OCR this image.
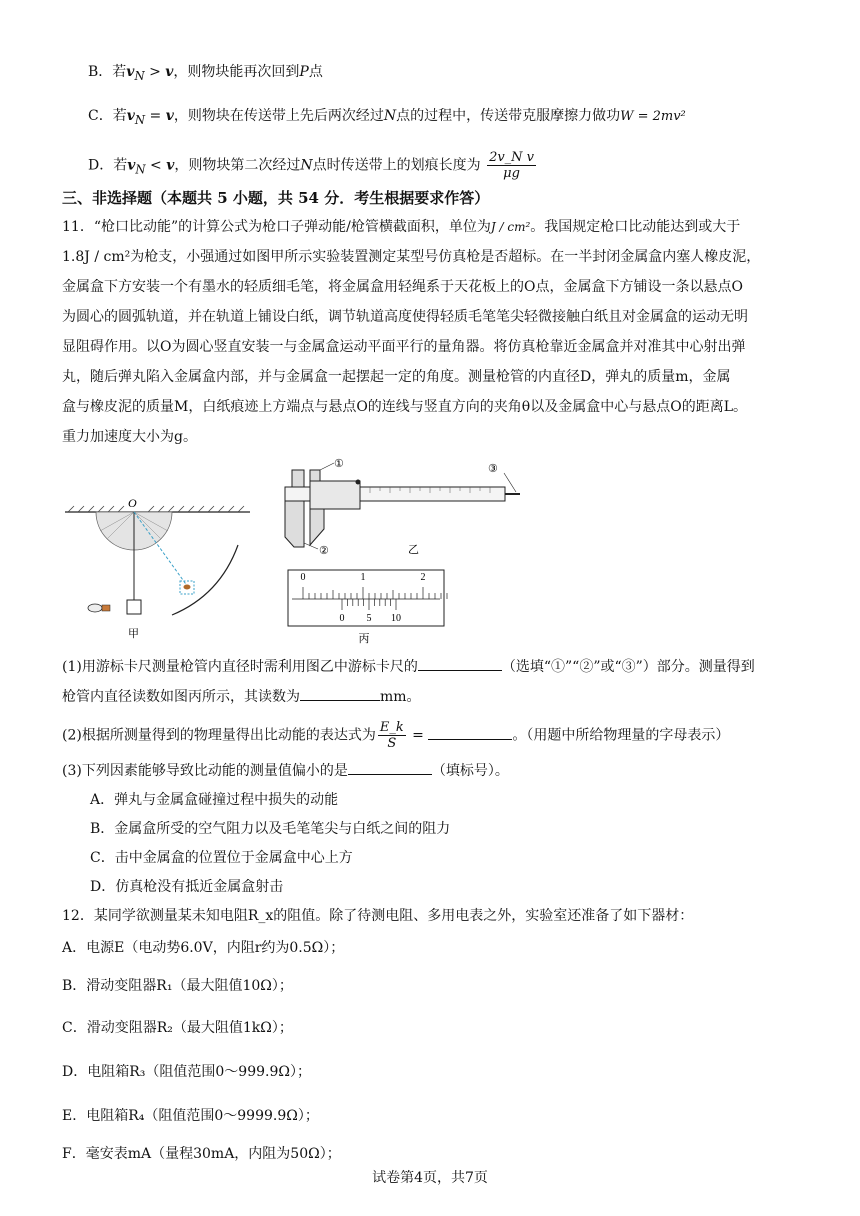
B．若$v_N > v$，则物块能再次回到P点
C．若$v_N = v$，则物块在传送带上先后两次经过N点的过程中，传送带克服摩擦力做功W = 2mv²
D．若$v_N < v$，则物块第二次经过N点时传送带上的划痕长度为 $\frac{\text{2v\_N v}}{\mu g}$
三、非选择题（本题共 5 小题，共 54 分．考生根据要求作答）
11．“枪口比动能”的计算公式为枪口子弹动能/枪管横截面积，单位为J / cm²。我国规定枪口比动能达到或大于
1.8J / cm²为枪支，小强通过如图甲所示实验装置测定某型号仿真枪是否超标。在一半封闭金属盒内塞人橡皮泥，
金属盒下方安装一个有墨水的轻质细毛笔，将金属盒用轻绳系于天花板上的O点，金属盒下方铺设一条以悬点O
为圆心的圆弧轨道，并在轨道上铺设白纸，调节轨道高度使得轻质毛笔笔尖轻微接触白纸且对金属盒的运动无明
显阻碍作用。以O为圆心竖直安装一与金属盒运动平面平行的量角器。将仿真枪靠近金属盒并对准其中心射出弹
丸，随后弹丸陷入金属盒内部，并与金属盒一起摆起一定的角度。测量枪管的内直径D，弹丸的质量m，金属
盒与橡皮泥的质量M，白纸痕迹上方端点与悬点O的连线与竖直方向的夹角θ以及金属盒中心与悬点O的距离L。
重力加速度大小为g。
O
甲
①
②
③
乙
0	1	2
0 5 10
丙
(1)用游标卡尺测量枪管内直径时需利用图乙中游标卡尺的	（选填“①”“②”或“③”）部分。测量得到
枪管内直径读数如图丙所示，其读数为	mm。
(2)根据所测量得到的物理量得出比动能的表达式为 $\frac{E\_k}{S}$ =	。（用题中所给物理量的字母表示）
(3)下列因素能够导致比动能的测量值偏小的是	（填标号）。
A．弹丸与金属盒碰撞过程中损失的动能
B．金属盒所受的空气阻力以及毛笔笔尖与白纸之间的阻力
C．击中金属盒的位置位于金属盒中心上方
D．仿真枪没有抵近金属盒射击
12．某同学欲测量某未知电阻R_x的阻值。除了待测电阻、多用电表之外，实验室还准备了如下器材：
A．电源E（电动势6.0V，内阻r约为0.5Ω）；
B．滑动变阻器R₁（最大阻值10Ω）；
C．滑动变阻器R₂（最大阻值1kΩ）；
D．电阻箱R₃（阻值范围0～999.9Ω）；
E．电阻箱R₄（阻值范围0～9999.9Ω）；
F．毫安表mA（量程30mA，内阻为50Ω）；
试卷第4页，共7页
